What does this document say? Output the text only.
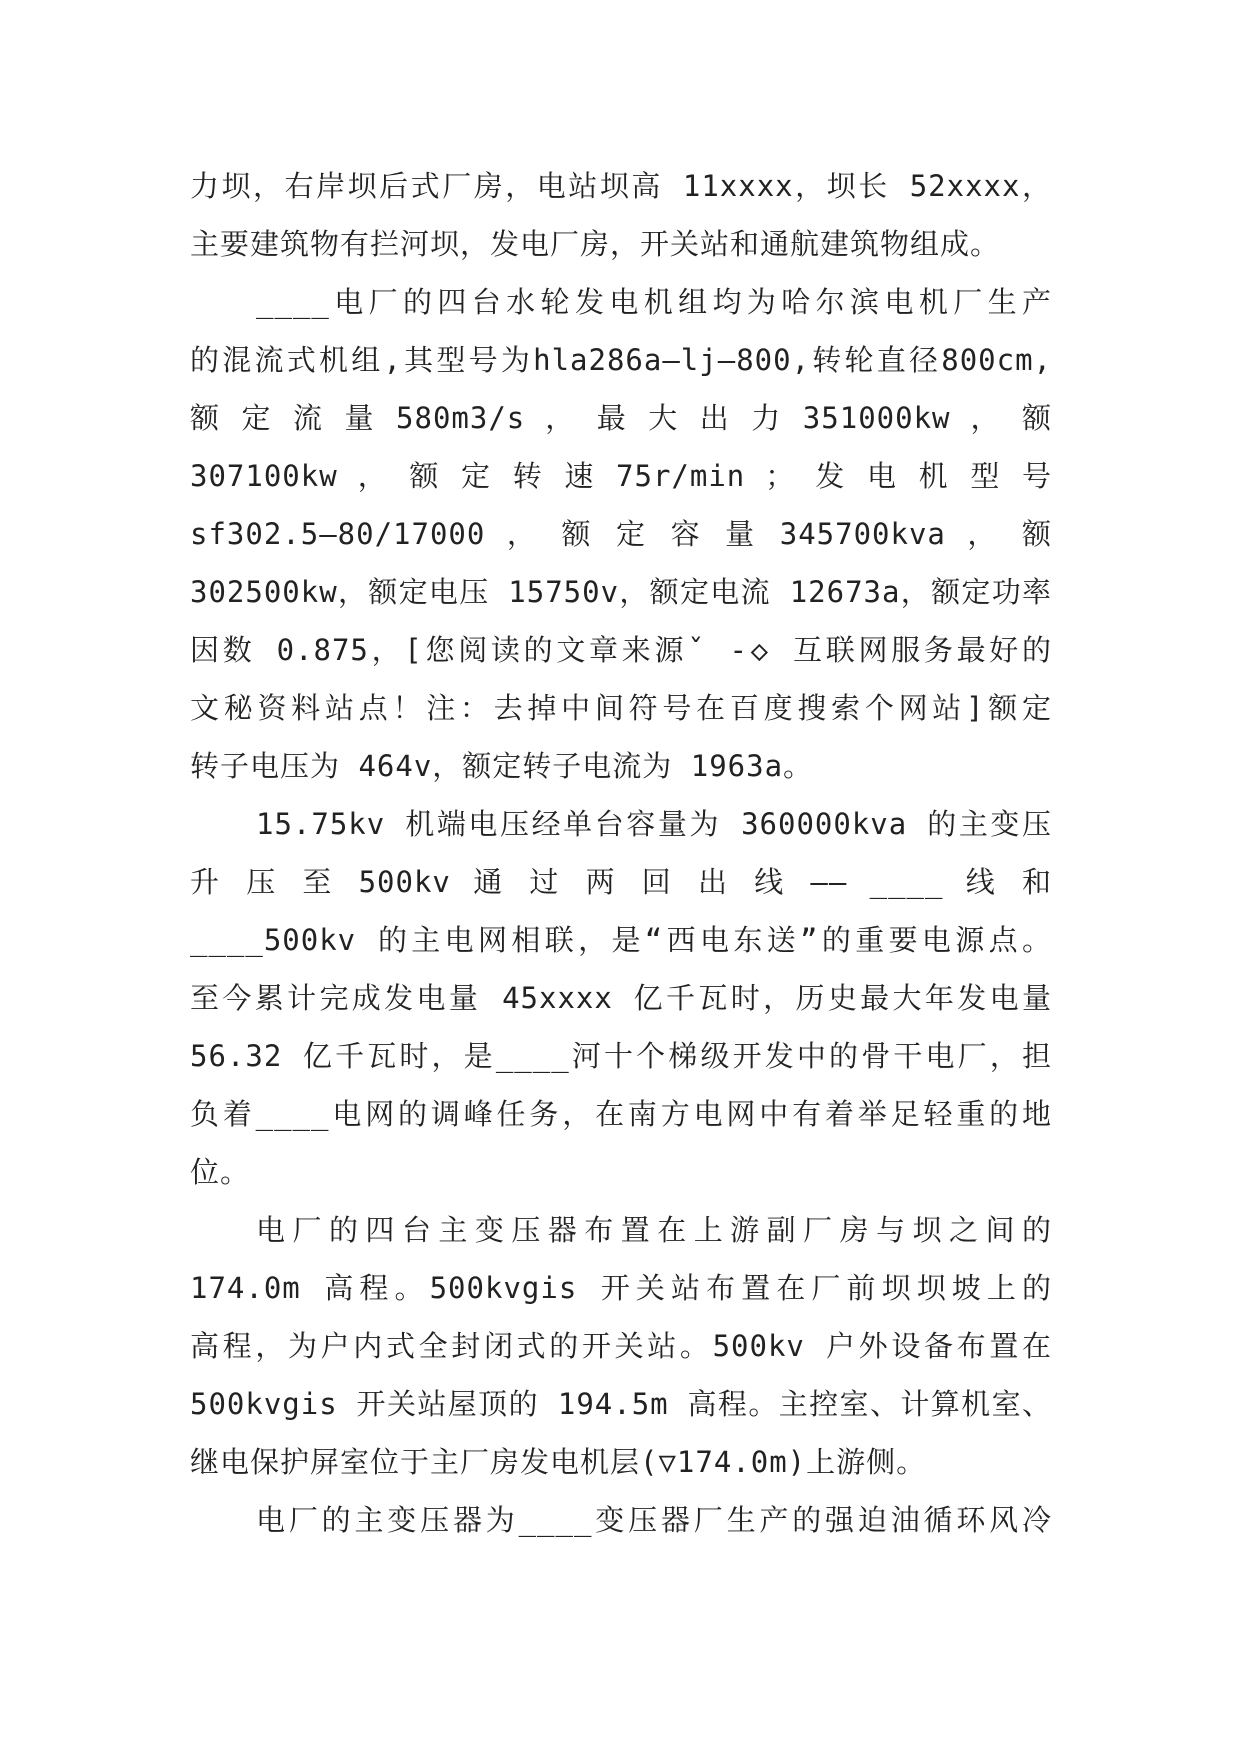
力坝，右岸坝后式厂房，电站坝高 11xxxx，坝长 52xxxx，
主要建筑物有拦河坝，发电厂房，开关站和通航建筑物组成。
____电厂的四台水轮发电机组均为哈尔滨电机厂生产
的混流式机组,其型号为hla286a—lj—800,转轮直径800cm,
额 定 流 量 580m3/s ， 最 大 出 力 351000kw ， 额
307100kw ， 额 定 转 速 75r/min ； 发 电 机 型 号
sf302.5—80/17000 ， 额 定 容 量 345700kva ， 额
302500kw，额定电压 15750v，额定电流 12673a，额定功率
因数 0.875，[您阅读的文章来源ˇ -◇ 互联网服务最好的
文秘资料站点！注：去掉中间符号在百度搜索个网站]额定
转子电压为 464v，额定转子电流为 1963a。
15.75kv 机端电压经单台容量为 360000kva 的主变压
升 压 至 500kv 通 过 两 回 出 线 —— ____ 线 和
____500kv 的主电网相联，是“西电东送”的重要电源点。
至今累计完成发电量 45xxxx 亿千瓦时，历史最大年发电量
56.32 亿千瓦时，是____河十个梯级开发中的骨干电厂，担
负着____电网的调峰任务，在南方电网中有着举足轻重的地
位。
电厂的四台主变压器布置在上游副厂房与坝之间的
174.0m 高程。500kvgis 开关站布置在厂前坝坝坡上的
高程，为户内式全封闭式的开关站。500kv 户外设备布置在
500kvgis 开关站屋顶的 194.5m 高程。主控室、计算机室、
继电保护屏室位于主厂房发电机层(▽174.0m)上游侧。
电厂的主变压器为____变压器厂生产的强迫油循环风冷
